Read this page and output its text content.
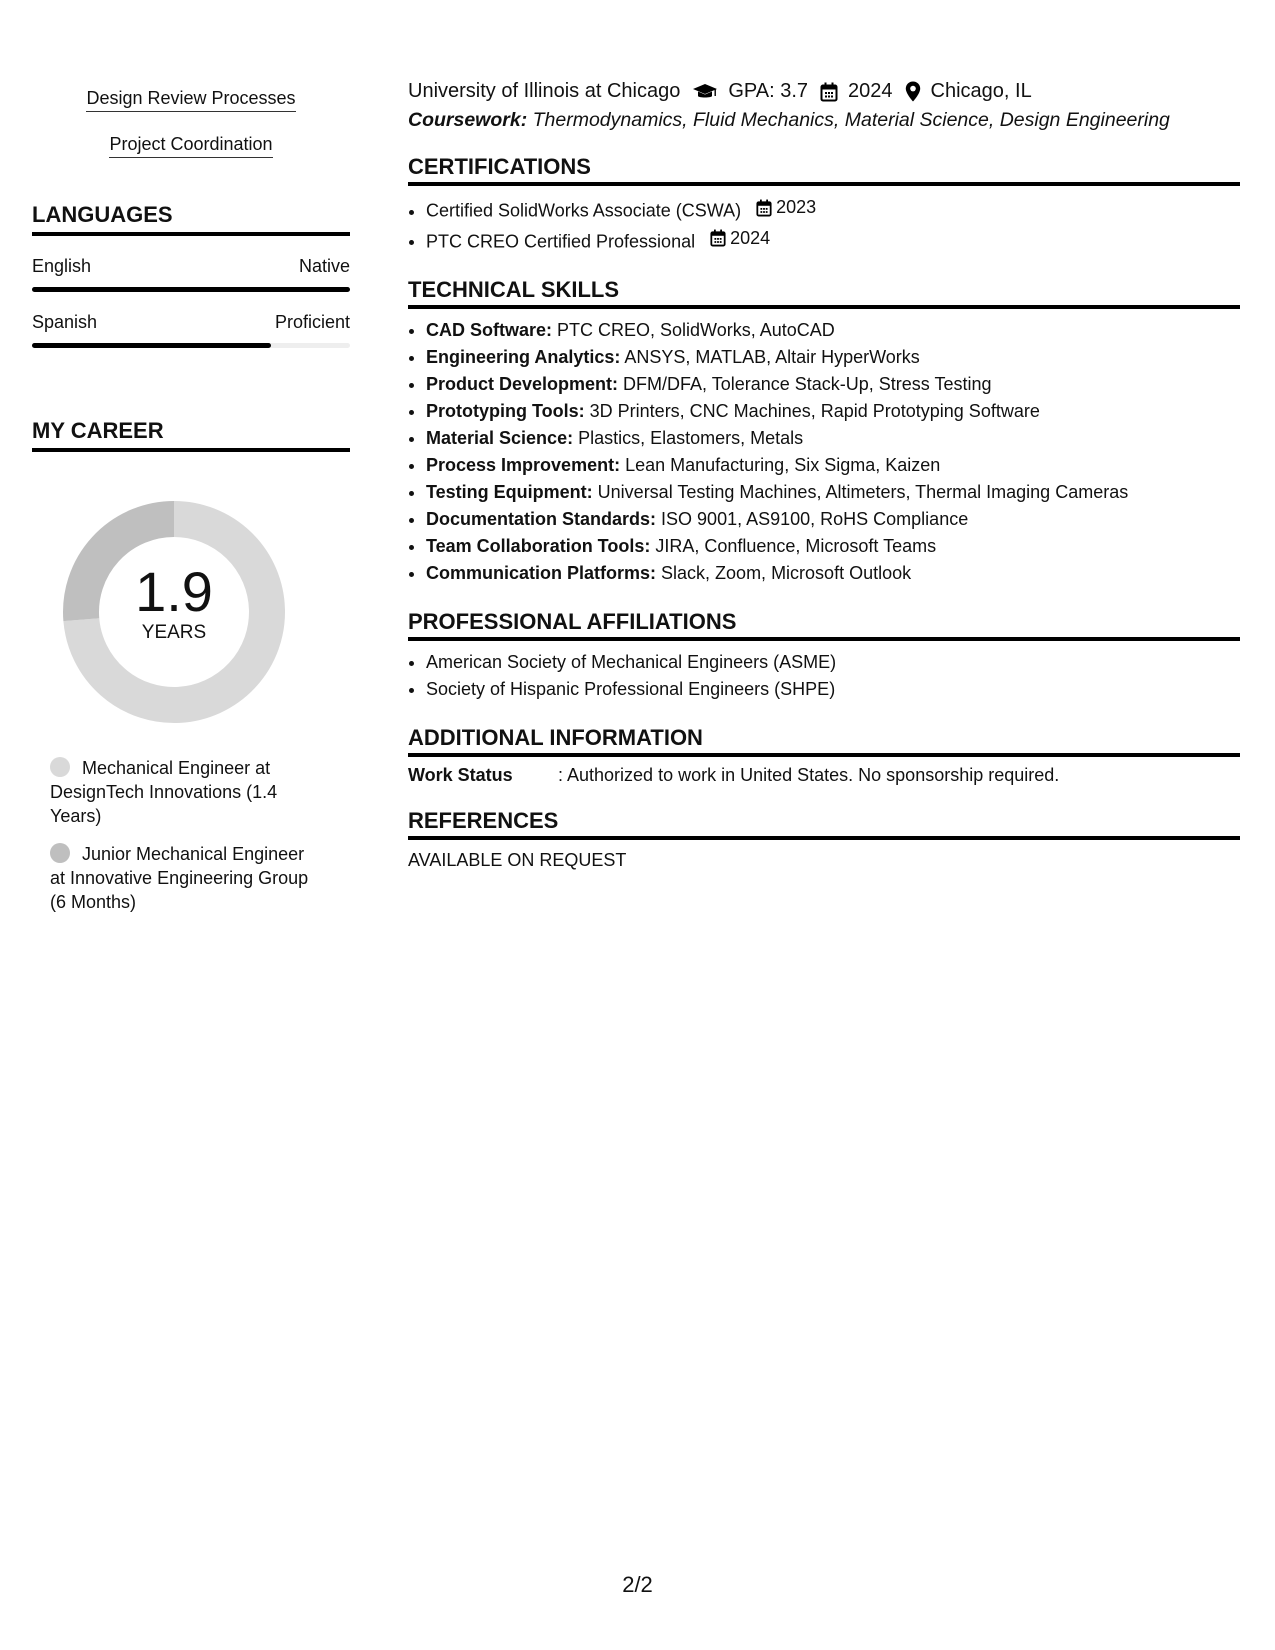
Design Review Processes
Project Coordination
LANGUAGES
English	Native
Spanish	Proficient
MY CAREER
1.9
YEARS
Mechanical Engineer at DesignTech Innovations (1.4 Years)
Junior Mechanical Engineer at Innovative Engineering Group (6 Months)
University of Illinois at Chicago GPA: 3.7 2024 Chicago, IL
Coursework: Thermodynamics, Fluid Mechanics, Material Science, Design Engineering
CERTIFICATIONS
• Certified SolidWorks Associate (CSWA) 2023
• PTC CREO Certified Professional 2024
TECHNICAL SKILLS
• CAD Software: PTC CREO, SolidWorks, AutoCAD
• Engineering Analytics: ANSYS, MATLAB, Altair HyperWorks
• Product Development: DFM/DFA, Tolerance Stack-Up, Stress Testing
• Prototyping Tools: 3D Printers, CNC Machines, Rapid Prototyping Software
• Material Science: Plastics, Elastomers, Metals
• Process Improvement: Lean Manufacturing, Six Sigma, Kaizen
• Testing Equipment: Universal Testing Machines, Altimeters, Thermal Imaging Cameras
• Documentation Standards: ISO 9001, AS9100, RoHS Compliance
• Team Collaboration Tools: JIRA, Confluence, Microsoft Teams
• Communication Platforms: Slack, Zoom, Microsoft Outlook
PROFESSIONAL AFFILIATIONS
• American Society of Mechanical Engineers (ASME)
• Society of Hispanic Professional Engineers (SHPE)
ADDITIONAL INFORMATION
Work Status	: Authorized to work in United States. No sponsorship required.
REFERENCES
AVAILABLE ON REQUEST
2/2
